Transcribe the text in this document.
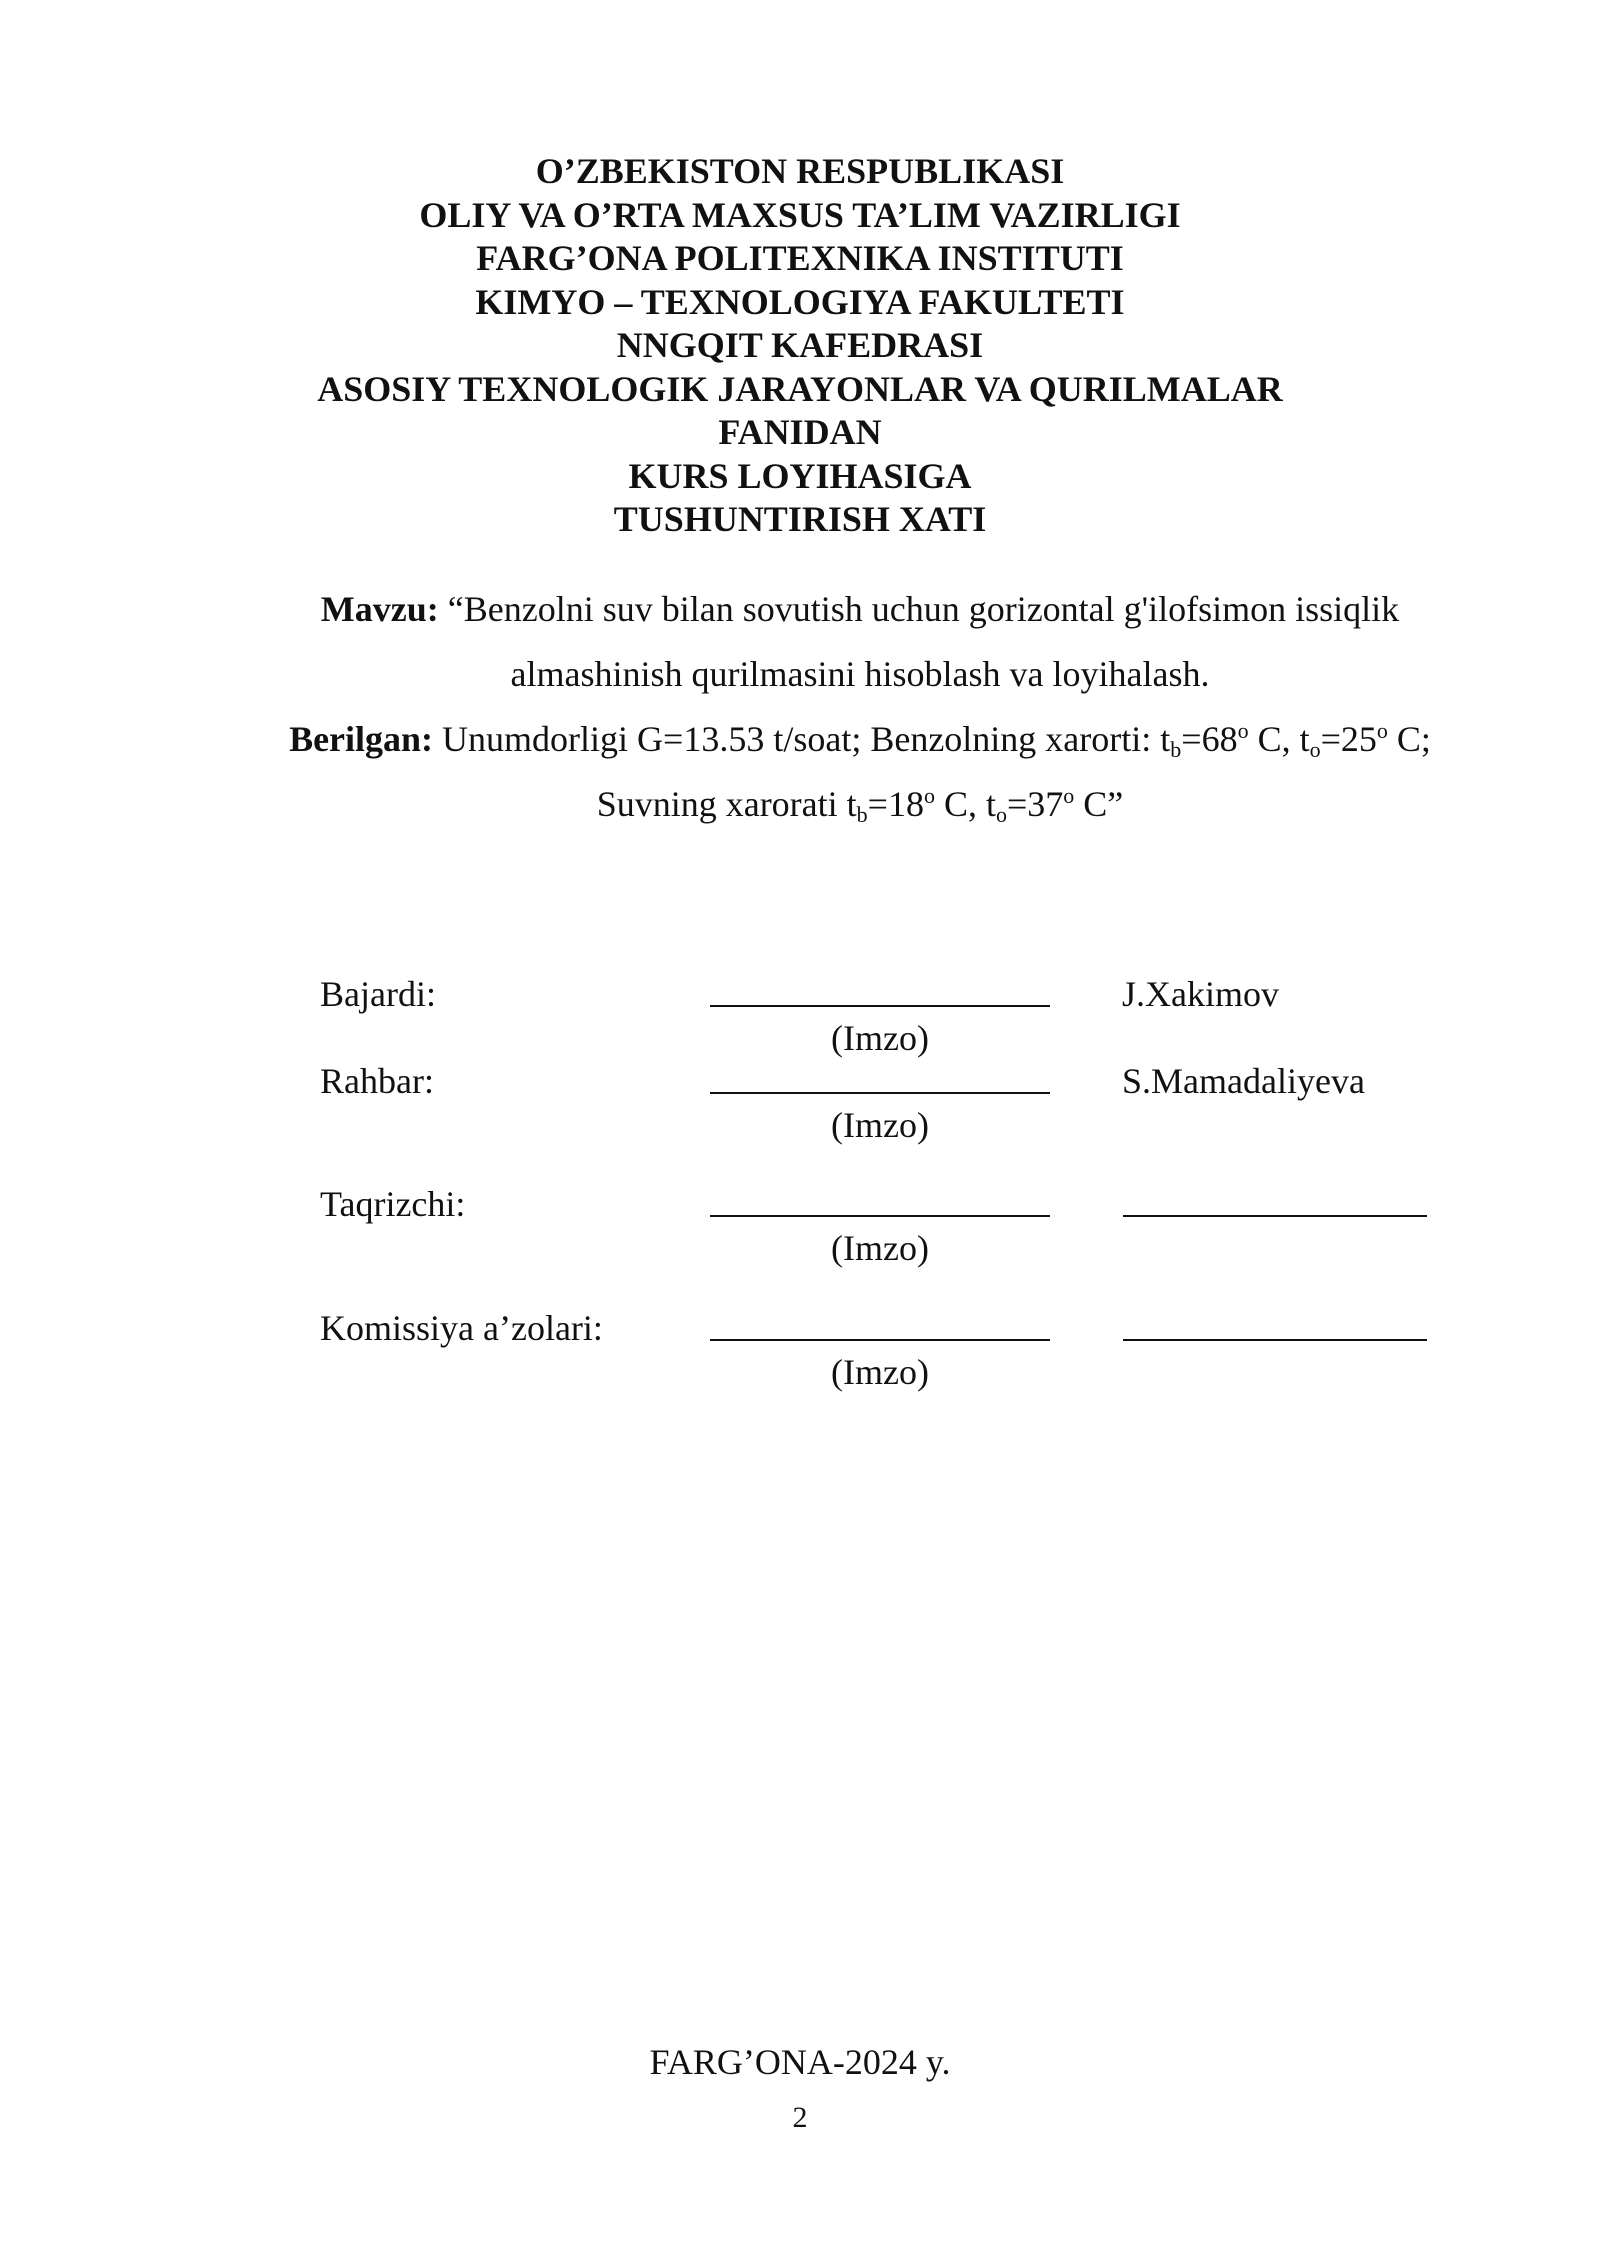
O’ZBEKISTON RESPUBLIKASI
OLIY VA O’RTA MAXSUS TA’LIM VAZIRLIGI
FARG’ONA POLITEXNIKA INSTITUTI
KIMYO – TEXNOLOGIYA FAKULTETI
NNGQIT KAFEDRASI
ASOSIY TEXNOLOGIK JARAYONLAR VA QURILMALAR
FANIDAN
KURS LOYIHASIGA
TUSHUNTIRISH XATI
Mavzu: “Benzolni suv bilan sovutish uchun gorizontal g'ilofsimon issiqlik
almashinish qurilmasini hisoblash va loyihalash.
Berilgan: Unumdorligi G=13.53 t/soat; Benzolning xarorti: $t_b=68^o$ C, $t_o=25^o$ C;
Suvning xarorati $t_b=18^o$ C, $t_o=37^o$ C”
Bajardi:	J.Xakimov
(Imzo)
Rahbar:	S.Mamadaliyeva
(Imzo)
Taqrizchi:
(Imzo)
Komissiya a’zolari:
(Imzo)
FARG’ONA-2024 y.
2
